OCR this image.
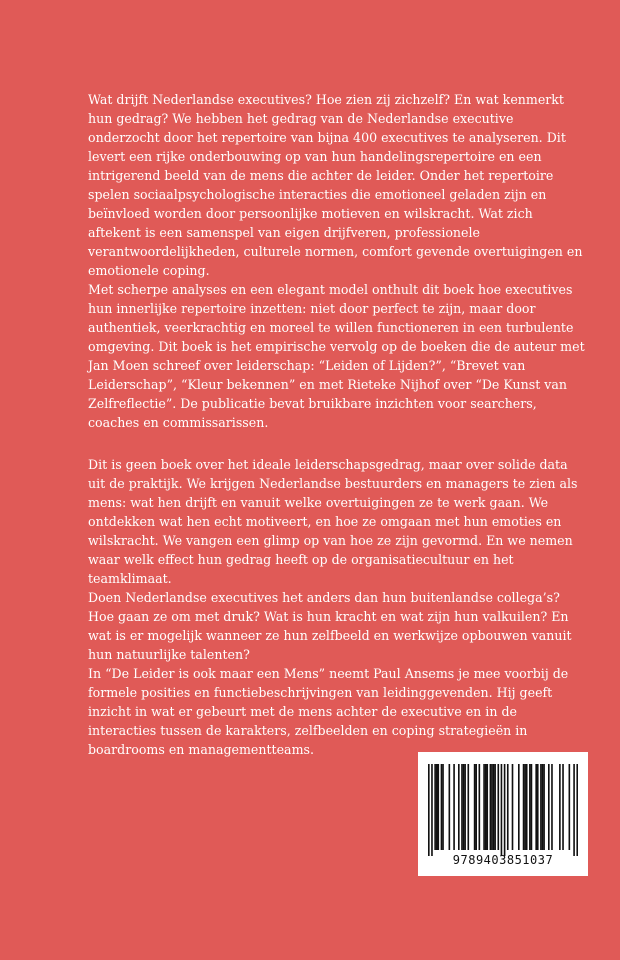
Wat drijft Nederlandse executives? Hoe zien zij zichzelf? En wat kenmerkt hun gedrag? We hebben het gedrag van de Nederlandse executive onderzocht door het repertoire van bijna 400 executives te analyseren. Dit levert een rijke onderbouwing op van hun handelingsrepertoire en een intrigerend beeld van de mens die achter de leider. Onder het repertoire spelen sociaalpsychologische interacties die emotioneel geladen zijn en beïnvloed worden door persoonlijke motieven en wilskracht. Wat zich aftekent is een samenspel van eigen drijfveren, professionele verantwoordelijkheden, culturele normen, comfort gevende overtuigingen en emotionele coping.

Met scherpe analyses en een elegant model onthult dit boek hoe executives hun innerlijke repertoire inzetten: niet door perfect te zijn, maar door authentiek, veerkrachtig en moreel te willen functioneren in een turbulente omgeving. Dit boek is het empirische vervolg op de boeken die de auteur met Jan Moen schreef over leiderschap: “Leiden of Lijden?”, “Brevet van Leiderschap”, “Kleur bekennen” en met Rieteke Nijhof over “De Kunst van Zelfreflectie”. De publicatie bevat bruikbare inzichten voor searchers, coaches en commissarissen.

Dit is geen boek over het ideale leiderschapsgedrag, maar over solide data uit de praktijk. We krijgen Nederlandse bestuurders en managers te zien als mens: wat hen drijft en vanuit welke overtuigingen ze te werk gaan. We ontdekken wat hen echt motiveert, en hoe ze omgaan met hun emoties en wilskracht. We vangen een glimp op van hoe ze zijn gevormd. En we nemen waar welk effect hun gedrag heeft op de organisatiecultuur en het teamklimaat.

Doen Nederlandse executives het anders dan hun buitenlandse collega’s? Hoe gaan ze om met druk? Wat is hun kracht en wat zijn hun valkuilen? En wat is er mogelijk wanneer ze hun zelfbeeld en werkwijze opbouwen vanuit hun natuurlijke talenten?

In “De Leider is ook maar een Mens” neemt Paul Ansems je mee voorbij de formele posities en functiebeschrijvingen van leidinggevenden. Hij geeft inzicht in wat er gebeurt met de mens achter de executive en in de interacties tussen de karakters, zelfbeelden en coping strategieën in boardrooms en managementteams.

9789403851037
